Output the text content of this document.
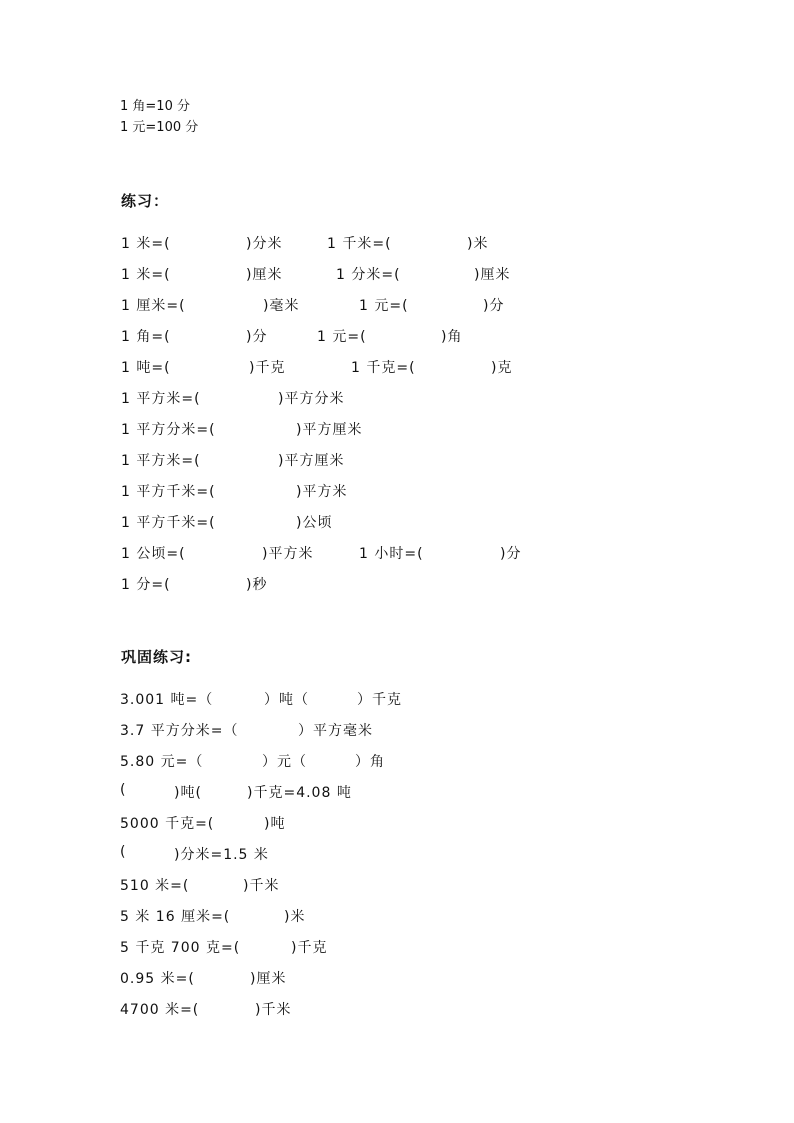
1 角=10 分
1 元=100 分
练习：
1 米=(	)分米	1 千米=(	)米
1 米=(	)厘米	1 分米=(	)厘米
1 厘米=(	)毫米	1 元=(	)分
1 角=(	)分	1 元=(	)角
1 吨=(	)千克	1 千克=(	)克
1 平方米=(	)平方分米
1 平方分米=(	)平方厘米
1 平方米=(	)平方厘米
1 平方千米=(	)平方米
1 平方千米=(	)公顷
1 公顷=(	)平方米	1 小时=(	)分
1 分=(	)秒
巩固练习:
3.001 吨=（	）吨（	）千克
3.7 平方分米=（	）平方毫米
5.80 元=（	）元（	）角
(	)吨(	)千克=4.08 吨
5000 千克=(	)吨
(	)分米=1.5 米
510 米=(	)千米
5 米 16 厘米=(	)米
5 千克 700 克=(	)千克
0.95 米=(	)厘米
4700 米=(	)千米
